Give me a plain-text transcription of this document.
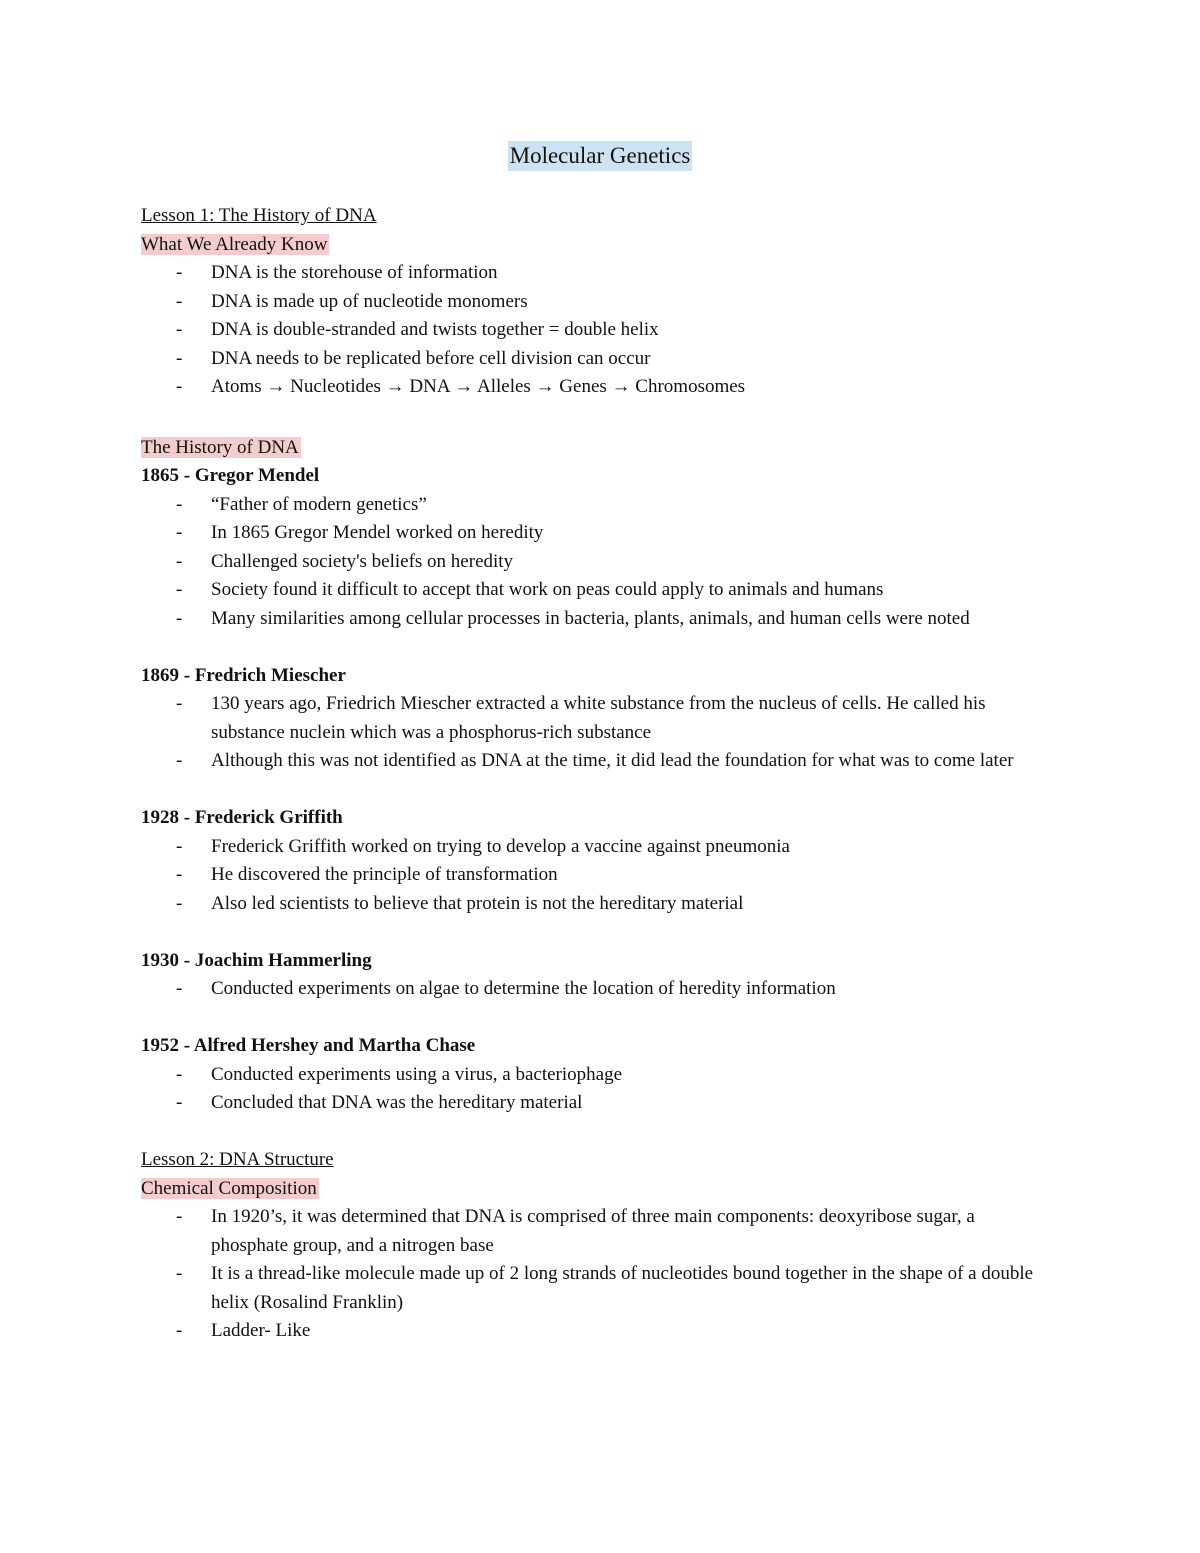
Molecular Genetics
Lesson 1: The History of DNA
What We Already Know
- DNA is the storehouse of information
- DNA is made up of nucleotide monomers
- DNA is double-stranded and twists together = double helix
- DNA needs to be replicated before cell division can occur
- Atoms → Nucleotides → DNA → Alleles → Genes → Chromosomes
The History of DNA
1865 - Gregor Mendel
- “Father of modern genetics”
- In 1865 Gregor Mendel worked on heredity
- Challenged society's beliefs on heredity
- Society found it difficult to accept that work on peas could apply to animals and humans
- Many similarities among cellular processes in bacteria, plants, animals, and human cells were noted
1869 - Fredrich Miescher
- 130 years ago, Friedrich Miescher extracted a white substance from the nucleus of cells. He called his substance nuclein which was a phosphorus-rich substance
- Although this was not identified as DNA at the time, it did lead the foundation for what was to come later
1928 - Frederick Griffith
- Frederick Griffith worked on trying to develop a vaccine against pneumonia
- He discovered the principle of transformation
- Also led scientists to believe that protein is not the hereditary material
1930 - Joachim Hammerling
- Conducted experiments on algae to determine the location of heredity information
1952 - Alfred Hershey and Martha Chase
- Conducted experiments using a virus, a bacteriophage
- Concluded that DNA was the hereditary material
Lesson 2: DNA Structure
Chemical Composition
- In 1920’s, it was determined that DNA is comprised of three main components: deoxyribose sugar, a phosphate group, and a nitrogen base
- It is a thread-like molecule made up of 2 long strands of nucleotides bound together in the shape of a double helix (Rosalind Franklin)
- Ladder- Like
